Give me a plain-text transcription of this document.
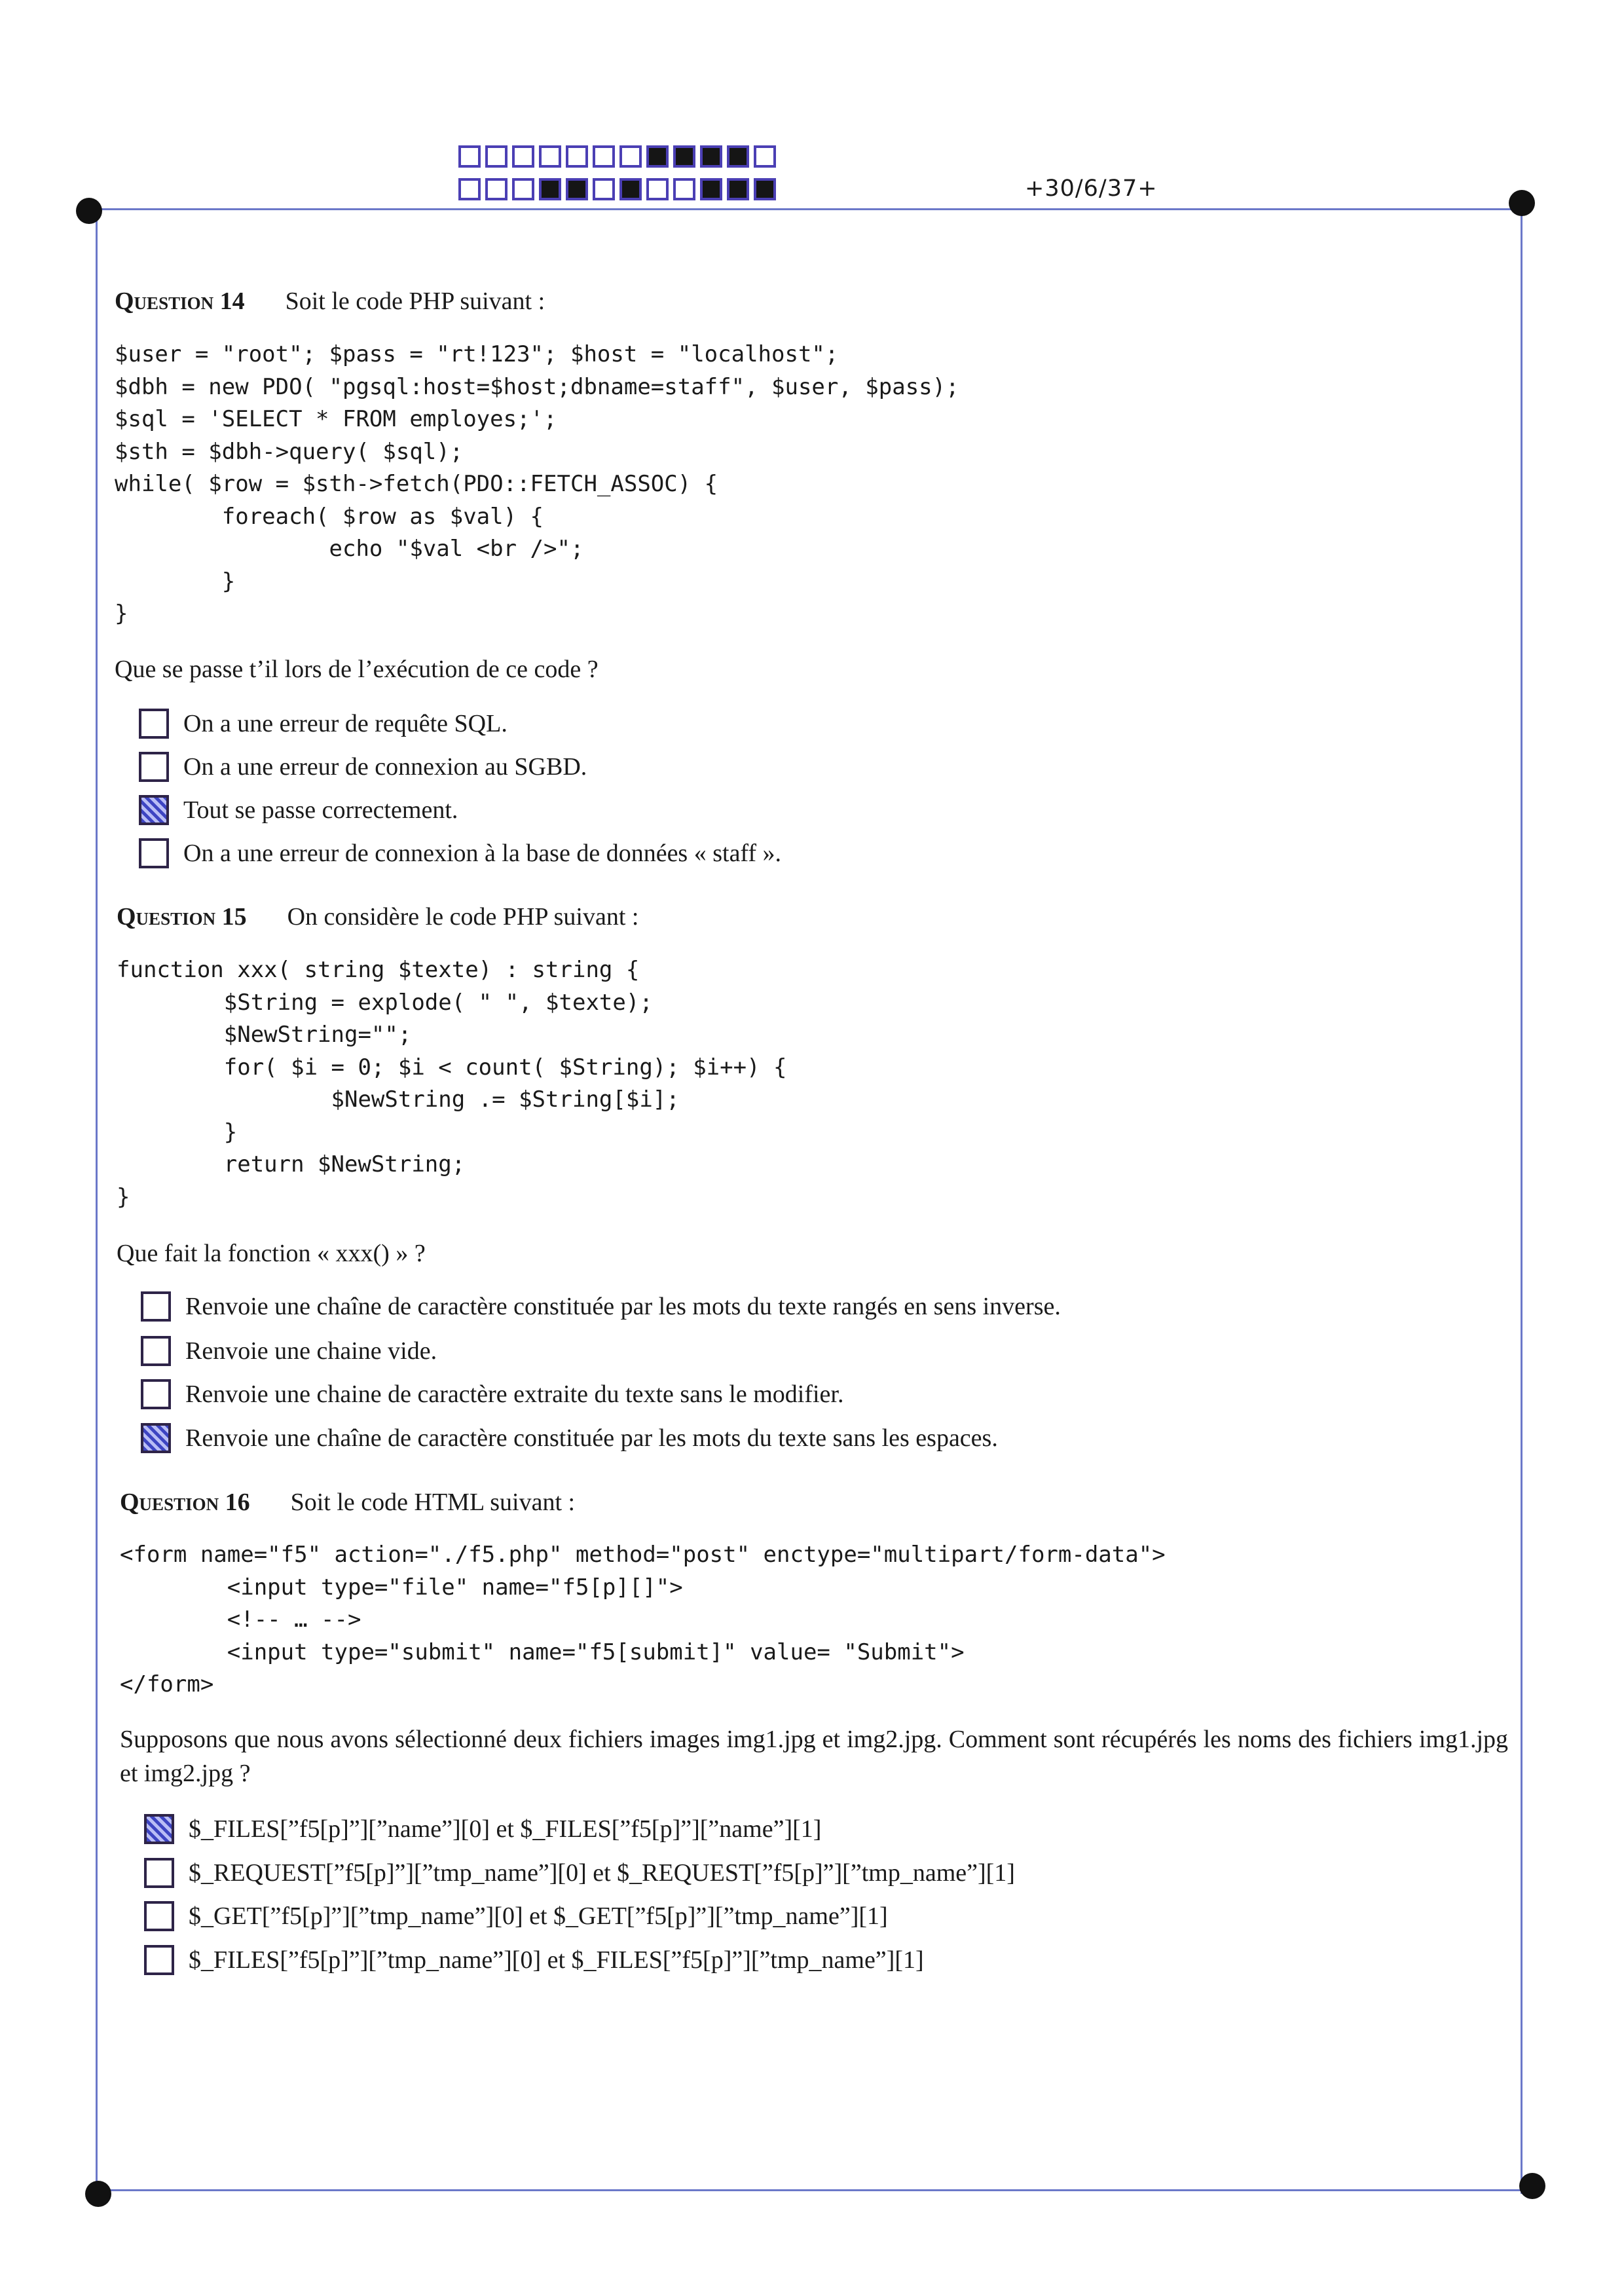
+30/6/37+
Question 14 Soit le code PHP suivant :
$user = "root"; $pass = "rt!123"; $host = "localhost";
$dbh = new PDO( "pgsql:host=$host;dbname=staff", $user, $pass);
$sql = 'SELECT * FROM employes;';
$sth = $dbh->query( $sql);
while( $row = $sth->fetch(PDO::FETCH_ASSOC) {
foreach( $row as $val) {
echo "$val <br />";
}
}
Que se passe t’il lors de l’exécution de ce code ?
On a une erreur de requête SQL.
On a une erreur de connexion au SGBD.
Tout se passe correctement.
On a une erreur de connexion à la base de données « staff ».
Question 15 On considère le code PHP suivant :
function xxx( string $texte) : string {
$String = explode( " ", $texte);
$NewString="";
for( $i = 0; $i < count( $String); $i++) {
$NewString .= $String[$i];
}
return $NewString;
}
Que fait la fonction « xxx() » ?
Renvoie une chaîne de caractère constituée par les mots du texte rangés en sens inverse.
Renvoie une chaine vide.
Renvoie une chaine de caractère extraite du texte sans le modifier.
Renvoie une chaîne de caractère constituée par les mots du texte sans les espaces.
Question 16 Soit le code HTML suivant :
<form name="f5" action="./f5.php" method="post" enctype="multipart/form-data">
<input type="file" name="f5[p][]">
<!-- … -->
<input type="submit" name="f5[submit]" value= "Submit">
</form>
Supposons que nous avons sélectionné deux fichiers images img1.jpg et img2.jpg. Comment sont récupérés les noms des fichiers img1.jpg et img2.jpg ?
$_FILES[”f5[p]”][”name”][0] et $_FILES[”f5[p]”][”name”][1]
$_REQUEST[”f5[p]”][”tmp_name”][0] et $_REQUEST[”f5[p]”][”tmp_name”][1]
$_GET[”f5[p]”][”tmp_name”][0] et $_GET[”f5[p]”][”tmp_name”][1]
$_FILES[”f5[p]”][”tmp_name”][0] et $_FILES[”f5[p]”][”tmp_name”][1]
